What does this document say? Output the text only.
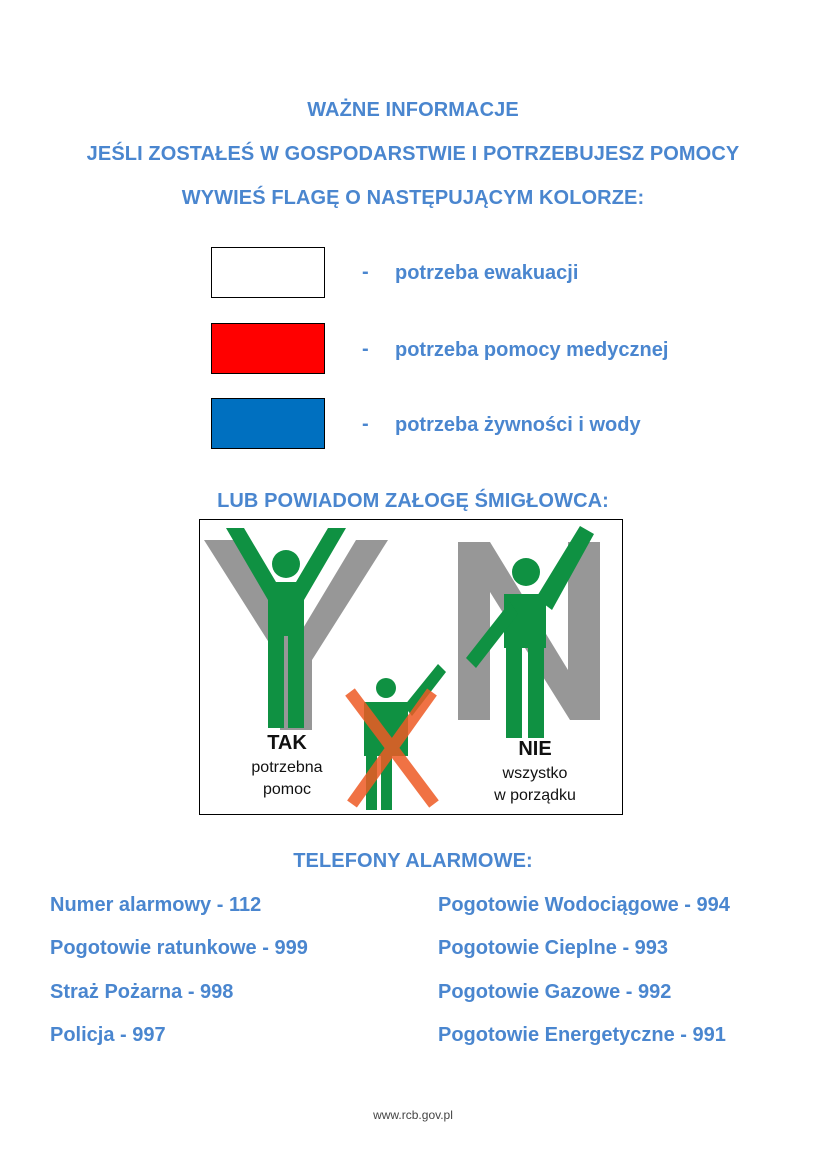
WAŻNE INFORMACJE
JEŚLI ZOSTAŁEŚ W GOSPODARSTWIE I POTRZEBUJESZ POMOCY
WYWIEŚ FLAGĘ O NASTĘPUJĄCYM KOLORZE:
- potrzeba ewakuacji
- potrzeba pomocy medycznej
- potrzeba żywności i wody
LUB POWIADOM ZAŁOGĘ ŚMIGŁOWCA:
TAK
potrzebna
pomoc
NIE
wszystko
w porządku
TELEFONY ALARMOWE:
Numer alarmowy - 112
Pogotowie ratunkowe - 999
Straż Pożarna - 998
Policja - 997
Pogotowie Wodociągowe - 994
Pogotowie Cieplne - 993
Pogotowie Gazowe - 992
Pogotowie Energetyczne - 991
www.rcb.gov.pl
